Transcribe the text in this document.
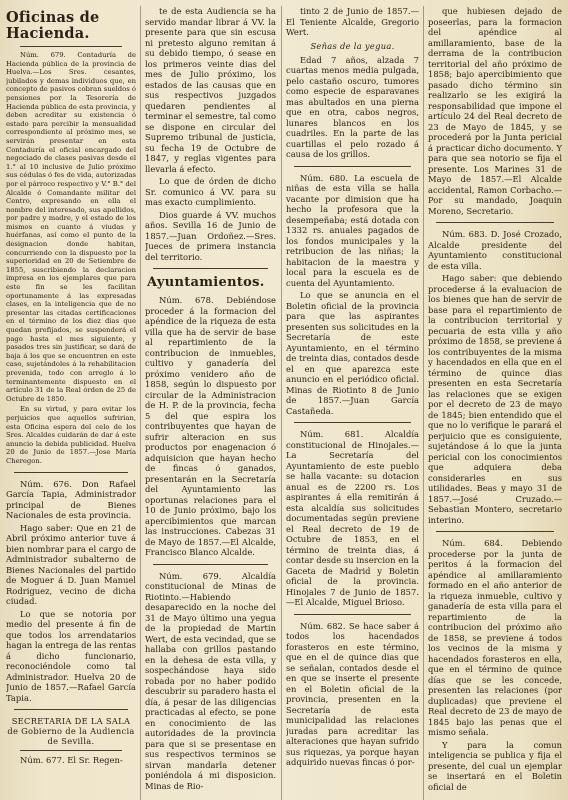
Oficinas de Hacienda.

Núm. 679. Contaduría de Hacienda pública de la provincia de Huelva.—Los Sres. cesantes, jubilados y demas individuos que, en concepto de pasivos cobran sueldos ó pensiones por la Tesorería de Hacienda pública de esta provincia, y deben acreditar su existencia ó estado para percibir la mensualidad correspondiente al próximo mes, se servirán presentar en esta Contaduría el oficial encargado del negociado de clases pasivas desde el 1.° al 10 inclusive de Julio próximo sus cédulas ó fes de vida, autorizadas por el párroco respectivo y V.° B.° del Alcalde ó Comandante militar del Centro, expresando en ella el nombre del interesado, sus apellidos, por padre y madre, y el estado de los mismos en cuanto á viudas y huérfanas, así como el punto de la designacion donde habitan, concurriendo con la dispuesto por la superioridad en 20 de Setiembre de 1855, suscribiendo la declaracion impresa en los ejemplares que para este fin se les facilitan oportunamente á las expresadas clases, en la inteligencia que de no presentar las citadas certificaciones en el término de los diez dias que quedan prefijados, se suspenderá el pago hasta el mes siguiente, y pasados tres sin justificar, se dará de baja á los que se encuentren en este caso, sujetándoles á la rehabilitacion prevenida, todo con arreglo á lo terminantemente dispuesto en el artículo 31 de la Real órden de 25 de Octubre de 1850.

En su virtud, y para evitar los perjuicios que aquellos sufririan, esta Oficina espera del celo de los Sres. Alcaldes cuidarán de dar á este anuncio la debida publicidad. Huelva 20 de Junio de 1857.—Jose María Cheregon.

Núm. 676. Don Rafael García Tapia, Administrador principal de Bienes Nacionales de esta provincia.

Hago saber: Que en 21 de Abril próximo anterior tuve á bien nombrar para el cargo de Administrador subalterno de Bienes Nacionales del partido de Moguer á D. Juan Manuel Rodriguez, vecino de dicha ciudad.

Lo que se notoria por medio del presente á fin de que todos los arrendatarios hagan la entrega de las rentas á dicho funcionario, reconociéndole como tal Administrador. Huelva 20 de Junio de 1857.—Rafael García Tapia.

SECRETARIA DE LA SALA de Gobierno de la Audiencia de Sevilla.

Núm. 677. El Sr. Regen-

te de esta Audiencia se ha servido mandar librar á VV. la presente para que sin escusa ni pretesto alguno remitan á su debido tiempo, ó sease en los primeros veinte dias del mes de Julio próximo, los estados de las causas que en sus respectivos juzgados quedaren pendientes al terminar el semestre, tal como se dispone en circular del Supremo tribunal de justicia, su fecha 19 de Octubre de 1847, y reglas vigentes para llevarla á efecto.

Lo que de órden de dicho Sr. comunico á VV. para su mas exacto cumplimiento.

Dios guarde á VV. muchos años. Sevilla 16 de Junio de 1857.—Juan Ordoñez.—Sres. Jueces de primera instancia del territorio.

Ayuntamientos.

Núm. 678. Debiéndose proceder á la formacion del apéndice de la riqueza de esta villa que ha de servir de base al repartimiento de la contribucion de inmuebles, cultivo y ganadería del próximo venidero año de 1858, según lo dispuesto por circular de la Administracion de H. P. de la provincia, fecha 5 del que espira los contribuyentes que hayan de sufrir alteracion en sus productos por enagenacion ó adquisicion que hayan hecho de fincas ó ganados, presentarán en la Secretaría del Ayuntamiento las oportunas relaciones para el 10 de Junio próximo, bajo los apercibimientos que marcan las instrucciones. Cabezas 31 de Mayo de 1857.—El Alcalde, Francisco Blanco Alcalde.

Núm. 679. Alcaldía constitucional de Minas de Riotinto.—Habiendo desaparecido en la noche del 31 de Mayo último una yegua de la propiedad de Martin Wert, de esta vecindad, que se hallaba con grillos pastando en la dehesa de esta villa, y sospechándose haya sido robada por no haber podido descubrir su paradero hasta el día, á pesar de las diligencias practicadas al efecto, se pone en conocimiento de las autoridades de la provincia para que si se presentase en sus respectivos terminos se sirvan mandarla detener poniéndola á mi disposicion. Minas de Rio-

tinto 2 de Junio de 1857.—El Teniente Alcalde, Gregorio Wert.

Señas de la yegua.

Edad 7 años, alzada 7 cuartas menos media pulgada, pelo castaño oscuro, tumores como especie de esparavanes mas abultados en una pierna que en otra, cabos negros, lunares blancos en los cuadriles. En la parte de las cuartillas el pelo rozado á causa de los grillos.

Núm. 680. La escuela de niñas de esta villa se halla vacante por dimision que ha hecho la profesora que la desempeñaba; está dotada con 1332 rs. anuales pagados de los fondos municipales y la retribucion de las niñas; la habitacion de la maestra y local para la escuela es de cuenta del Ayuntamiento.

Lo que se anuncia en el Boletin oficial de la provincia para que las aspirantes presenten sus solicitudes en la Secretaría de este Ayuntamiento, en el término de treinta dias, contados desde el en que aparezca este anuncio en el periódico oficial. Minas de Riotinto 8 de Junio de 1857.—Juan García Castañeda.

Núm. 681. Alcaldía constitucional de Hinojales.—La Secretaría del Ayuntamiento de este pueblo se halla vacante: su dotacion anual es de 2200 rs. Los aspirantes á ella remitirán á esta alcaldía sus solicitudes documentadas según previene el Real decreto de 19 de Octubre de 1853, en el término de treinta dias, á contar desde su insercion en la Gaceta de Madrid y Boletin oficial de la provincia. Hinojales 7 de Junio de 1857.—El Alcalde, Miguel Brioso.

Núm. 682. Se hace saber á todos los hacendados forasteros en este término, que en el de quince dias que se señalan, contados desde el en que se inserte el presente en el Boletin oficial de la provincia, presenten en la Secretaría de esta municipalidad las relaciones juradas para acreditar las alteraciones que hayan sufrido sus riquezas, ya porque hayan adquirido nuevas fincas ó por-

que hubiesen dejado de poseerlas, para la formacion del apéndice al amillaramiento, base de la derrama de la contribucion territorial del año próximo de 1858; bajo apercibimiento que pasado dicho término sin realizarlo se les exigirá la responsabilidad que impone el artículo 24 del Real decreto de 23 de Mayo de 1845, y se procederá por la Junta pericial á practicar dicho documento. Y para que sea notorio se fija el presente. Los Marines 31 de Mayo de 1857.—El Alcalde accidental, Ramon Corbacho.—Por su mandado, Joaquin Moreno, Secretario.

Núm. 683. D. José Crozado, Alcalde presidente del Ayuntamiento constitucional de esta villa.

Hago saber: que debiendo procederse á la evaluacion de los bienes que han de servir de base para el repartimiento de la contribucion territorial y pecuaria de esta villa y año próximo de 1858, se previene á los contribuyentes de la misma y hacendados en ella que en el término de quince dias presenten en esta Secretaría las relaciones que se exigen por el decreto de 23 de mayo de 1845; bien entendido que el que no lo verifique le parará el perjuicio que es consiguiente, sujetándose á lo que la junta pericial con los conocimientos que adquiera deba considerarles en sus utilidades. Beas y mayo 31 de 1857.—José Cruzado.—Sebastian Montero, secretario interino.

Núm. 684. Debiendo procederse por la junta de peritos á la formacion del apéndice al amillaramiento formado en el año anterior de la riqueza inmueble, cultivo y ganadería de esta villa para el repartimiento de la contribucion del próximo año de 1858, se previene á todos los vecinos de la misma y hacendados forasteros en ella, que en el término de quince días que se les concede, presenten las relaciones (por duplicadas) que previene el Real decreto de 23 de mayo de 1845 bajo las penas que el mismo señala.

Y para la comun inteligencia se publica y fija el presente, del cual un ejemplar se insertará en el Boletin oficial de
